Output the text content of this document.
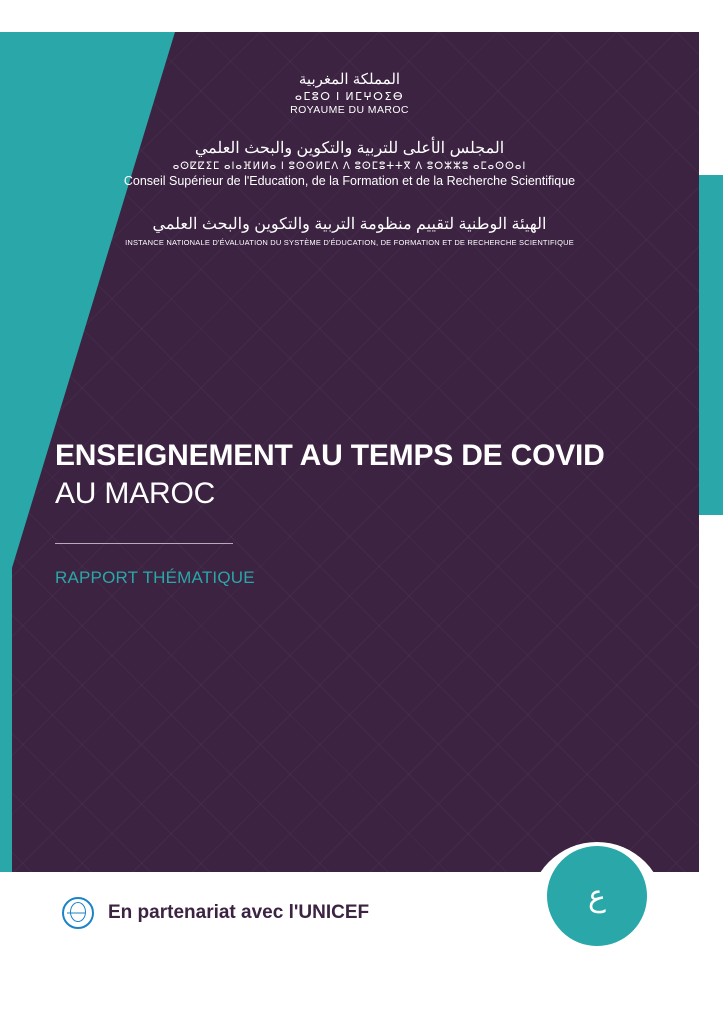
المملكة المغربية
ⴰⵎⵓⵔ ⵏ ⵍⵎⵖⵔⵉⴱ
ROYAUME DU MAROC
المجلس الأعلى للتربية والتكوين والبحث العلمي
ⴰⵙⵇⵇⵉⵎ ⴰⵏⴰⴼⵍⵍⴰ ⵏ ⵓⵙⵙⵍⵎⴷ ⴷ ⵓⵙⵎⵓⵜⵜⴳ ⴷ ⵓⵔⵣⵣⵓ ⴰⵎⴰⵙⵙⴰⵏ
Conseil Supérieur de l'Education, de la Formation et de la Recherche Scientifique
الهيئة الوطنية لتقييم منظومة التربية والتكوين والبحث العلمي
INSTANCE NATIONALE D'ÉVALUATION DU SYSTÈME D'ÉDUCATION, DE FORMATION ET DE RECHERCHE SCIENTIFIQUE
ENSEIGNEMENT AU TEMPS DE COVID
AU MAROC

RAPPORT THÉMATIQUE

En partenariat avec l'UNICEF	ع
